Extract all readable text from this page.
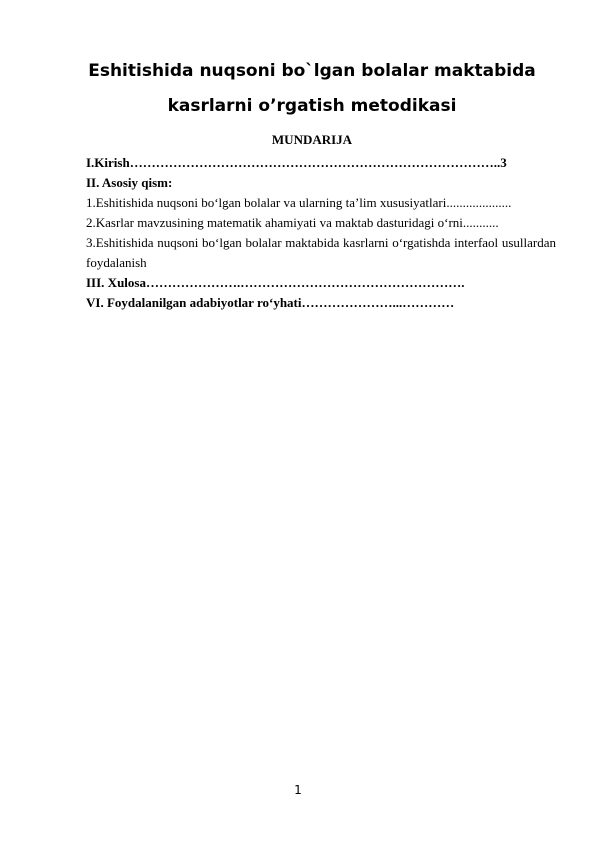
Eshitishida nuqsoni bo`lgan bolalar maktabida
kasrlarni o’rgatish metodikasi
MUNDARIJA

I.Kirish…………………………………………………………………………..3

II. Asosiy qism:

1.Eshitishida nuqsoni bo‘lgan bolalar va ularning ta’lim xususiyatlari....................

2.Kasrlar mavzusining matematik ahamiyati va maktab dasturidagi o‘rni...........

3.Eshitishida nuqsoni bo‘lgan bolalar maktabida kasrlarni o‘rgatishda interfaol usullardan foydalanish

III. Xulosa………………….…………………………………………….

VI. Foydalanilgan adabiyotlar ro‘yhati…………………...…………

1
